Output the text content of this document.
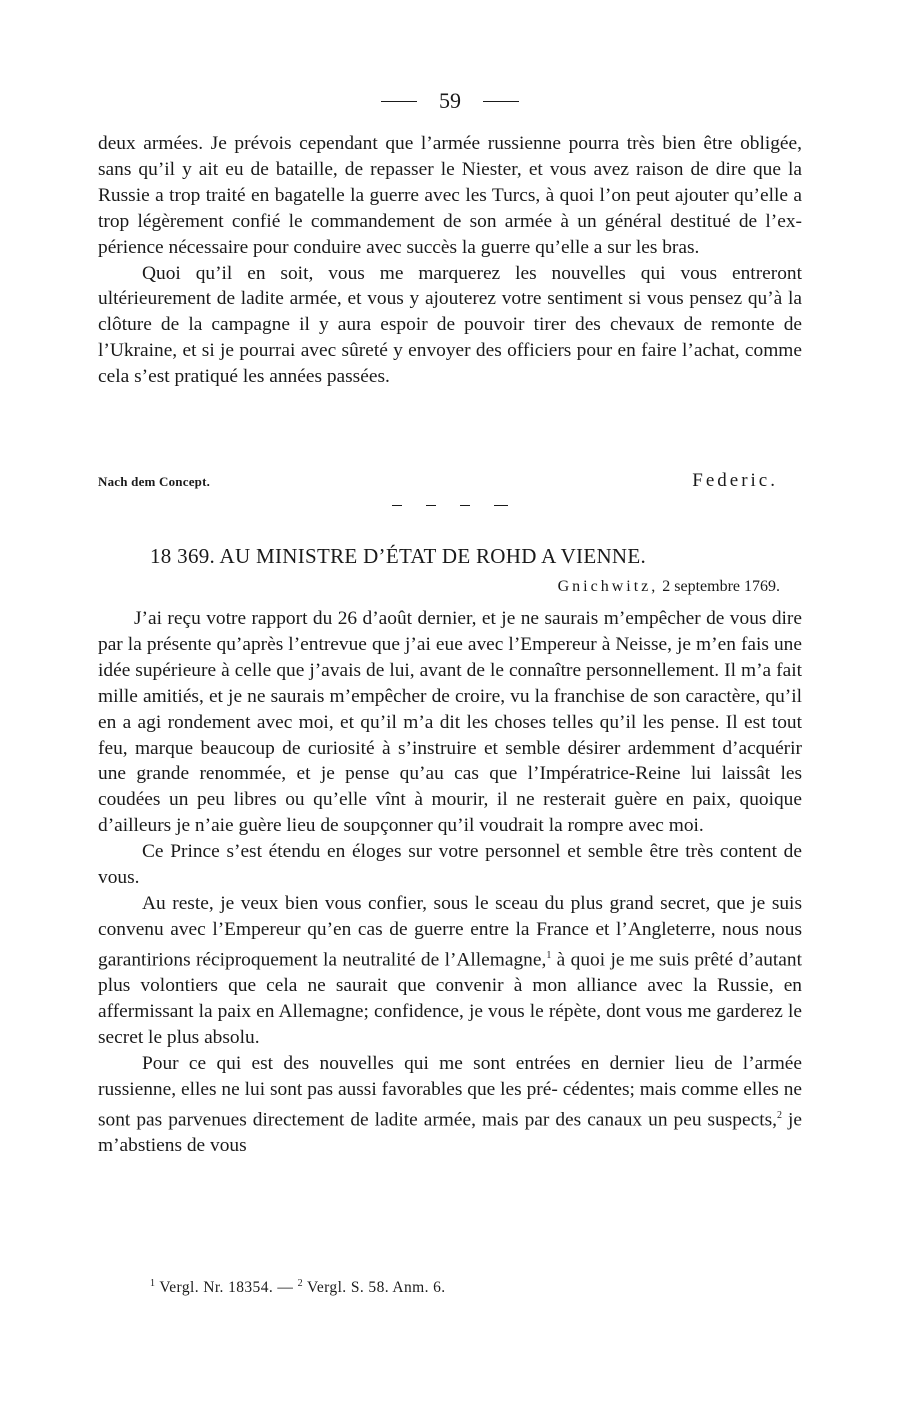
59

deux armées. Je prévois cependant que l’armée russienne pourra très bien être obligée, sans qu’il y ait eu de bataille, de repasser le Niester, et vous avez raison de dire que la Russie a trop traité en bagatelle la guerre avec les Turcs, à quoi l’on peut ajouter qu’elle a trop légèrement confié le commandement de son armée à un général destitué de l’ex-périence nécessaire pour conduire avec succès la guerre qu’elle a sur les bras.

Quoi qu’il en soit, vous me marquerez les nouvelles qui vous entreront ultérieurement de ladite armée, et vous y ajouterez votre sentiment si vous pensez qu’à la clôture de la campagne il y aura espoir de pouvoir tirer des chevaux de remonte de l’Ukraine, et si je pourrai avec sûreté y envoyer des officiers pour en faire l’achat, comme cela s’est pratiqué les années passées.

Nach dem Concept.	Federic.
18 369. AU MINISTRE D’ÉTAT DE ROHD A VIENNE.
Gnichwitz, 2 septembre 1769.

J’ai reçu votre rapport du 26 d’août dernier, et je ne saurais m’empêcher de vous dire par la présente qu’après l’entrevue que j’ai eue avec l’Empereur à Neisse, je m’en fais une idée supérieure à celle que j’avais de lui, avant de le connaître personnellement. Il m’a fait mille amitiés, et je ne saurais m’empêcher de croire, vu la franchise de son caractère, qu’il en a agi rondement avec moi, et qu’il m’a dit les choses telles qu’il les pense. Il est tout feu, marque beaucoup de curiosité à s’instruire et semble désirer ardemment d’acquérir une grande renommée, et je pense qu’au cas que l’Impératrice-Reine lui laissât les coudées un peu libres ou qu’elle vînt à mourir, il ne resterait guère en paix, quoique d’ailleurs je n’aie guère lieu de soupçonner qu’il voudrait la rompre avec moi.

Ce Prince s’est étendu en éloges sur votre personnel et semble être très content de vous.

Au reste, je veux bien vous confier, sous le sceau du plus grand secret, que je suis convenu avec l’Empereur qu’en cas de guerre entre la France et l’Angleterre, nous nous garantirions réciproquement la neutralité de l’Allemagne,$^1$ à quoi je me suis prêté d’autant plus volontiers que cela ne saurait que convenir à mon alliance avec la Russie, en affermissant la paix en Allemagne; confidence, je vous le répète, dont vous me garderez le secret le plus absolu.

Pour ce qui est des nouvelles qui me sont entrées en dernier lieu de l’armée russienne, elles ne lui sont pas aussi favorables que les pré- cédentes; mais comme elles ne sont pas parvenues directement de ladite armée, mais par des canaux un peu suspects,$^2$ je m’abstiens de vous

$^1$ Vergl. Nr. 18354. — $^2$ Vergl. S. 58. Anm. 6.
